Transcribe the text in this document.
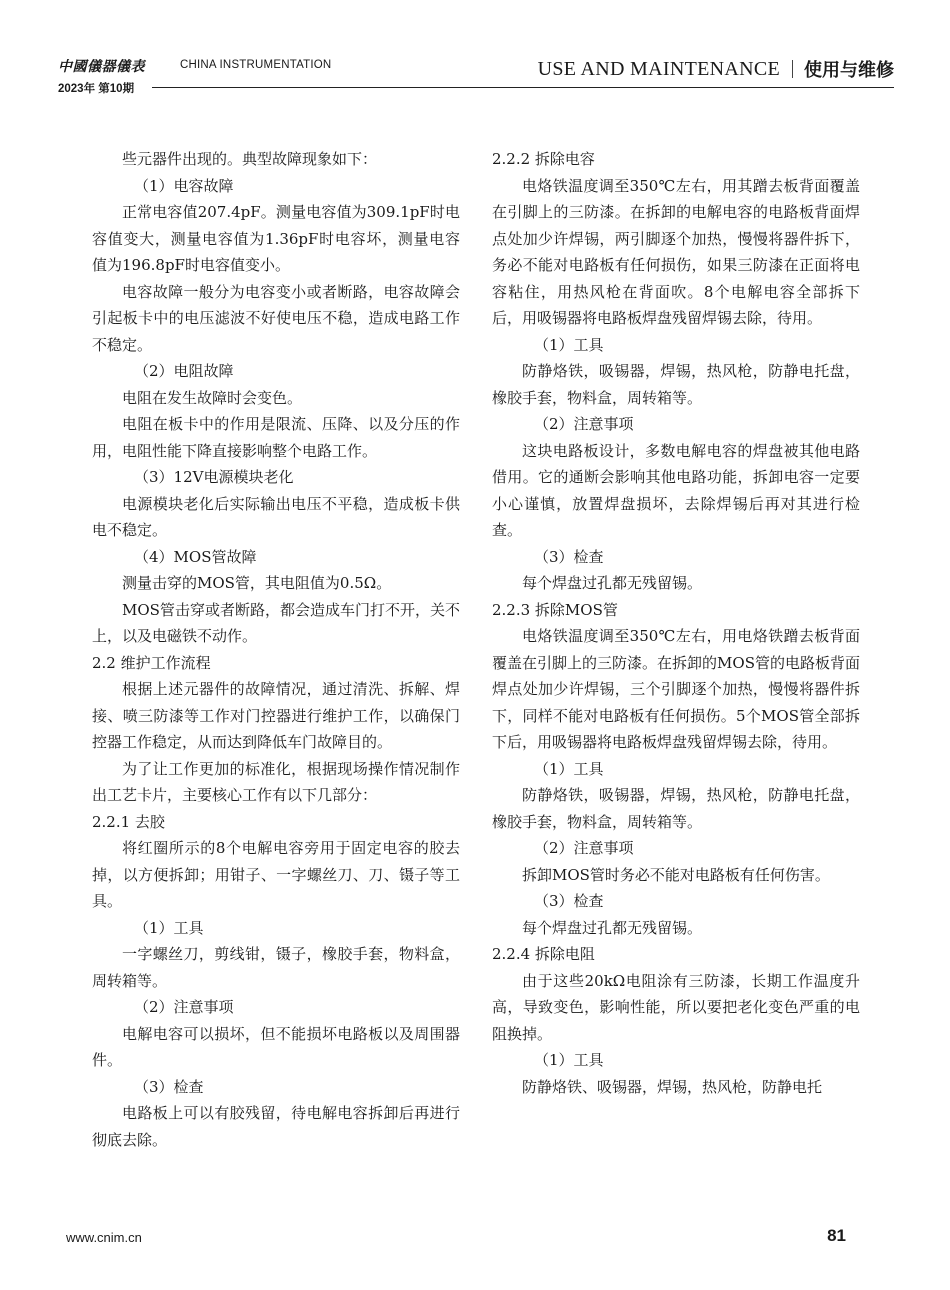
中國儀器儀表	CHINA INSTRUMENTATION
2023年 第10期
USE AND MAINTENANCE 使用与维修

些元器件出现的。典型故障现象如下：

（1）电容故障

正常电容值207.4pF。测量电容值为309.1pF时电容值变大，测量电容值为1.36pF时电容坏，测量电容值为196.8pF时电容值变小。

电容故障一般分为电容变小或者断路，电容故障会引起板卡中的电压滤波不好使电压不稳，造成电路工作不稳定。

（2）电阻故障

电阻在发生故障时会变色。

电阻在板卡中的作用是限流、压降、以及分压的作用，电阻性能下降直接影响整个电路工作。

（3）12V电源模块老化

电源模块老化后实际输出电压不平稳，造成板卡供电不稳定。

（4）MOS管故障

测量击穿的MOS管，其电阻值为0.5Ω。

MOS管击穿或者断路，都会造成车门打不开，关不上，以及电磁铁不动作。

2.2 维护工作流程

根据上述元器件的故障情况，通过清洗、拆解、焊接、喷三防漆等工作对门控器进行维护工作，以确保门控器工作稳定，从而达到降低车门故障目的。

为了让工作更加的标准化，根据现场操作情况制作出工艺卡片，主要核心工作有以下几部分：

2.2.1 去胶

将红圈所示的8个电解电容旁用于固定电容的胶去掉，以方便拆卸；用钳子、一字螺丝刀、刀、镊子等工具。

（1）工具

一字螺丝刀，剪线钳，镊子，橡胶手套，物料盒，周转箱等。

（2）注意事项

电解电容可以损坏，但不能损坏电路板以及周围器件。

（3）检查

电路板上可以有胶残留，待电解电容拆卸后再进行彻底去除。

2.2.2 拆除电容

电烙铁温度调至350℃左右，用其蹭去板背面覆盖在引脚上的三防漆。在拆卸的电解电容的电路板背面焊点处加少许焊锡，两引脚逐个加热，慢慢将器件拆下，务必不能对电路板有任何损伤，如果三防漆在正面将电容粘住，用热风枪在背面吹。8个电解电容全部拆下后，用吸锡器将电路板焊盘残留焊锡去除，待用。

（1）工具

防静烙铁，吸锡器，焊锡，热风枪，防静电托盘，橡胶手套，物料盒，周转箱等。

（2）注意事项

这块电路板设计，多数电解电容的焊盘被其他电路借用。它的通断会影响其他电路功能，拆卸电容一定要小心谨慎，放置焊盘损坏，去除焊锡后再对其进行检查。

（3）检查

每个焊盘过孔都无残留锡。

2.2.3 拆除MOS管

电烙铁温度调至350℃左右，用电烙铁蹭去板背面覆盖在引脚上的三防漆。在拆卸的MOS管的电路板背面焊点处加少许焊锡，三个引脚逐个加热，慢慢将器件拆下，同样不能对电路板有任何损伤。5个MOS管全部拆下后，用吸锡器将电路板焊盘残留焊锡去除，待用。

（1）工具

防静烙铁，吸锡器，焊锡，热风枪，防静电托盘，橡胶手套，物料盒，周转箱等。

（2）注意事项

拆卸MOS管时务必不能对电路板有任何伤害。

（3）检查

每个焊盘过孔都无残留锡。

2.2.4 拆除电阻

由于这些20kΩ电阻涂有三防漆，长期工作温度升高，导致变色，影响性能，所以要把老化变色严重的电阻换掉。

（1）工具

防静烙铁、吸锡器，焊锡，热风枪，防静电托

www.cnim.cn	81
